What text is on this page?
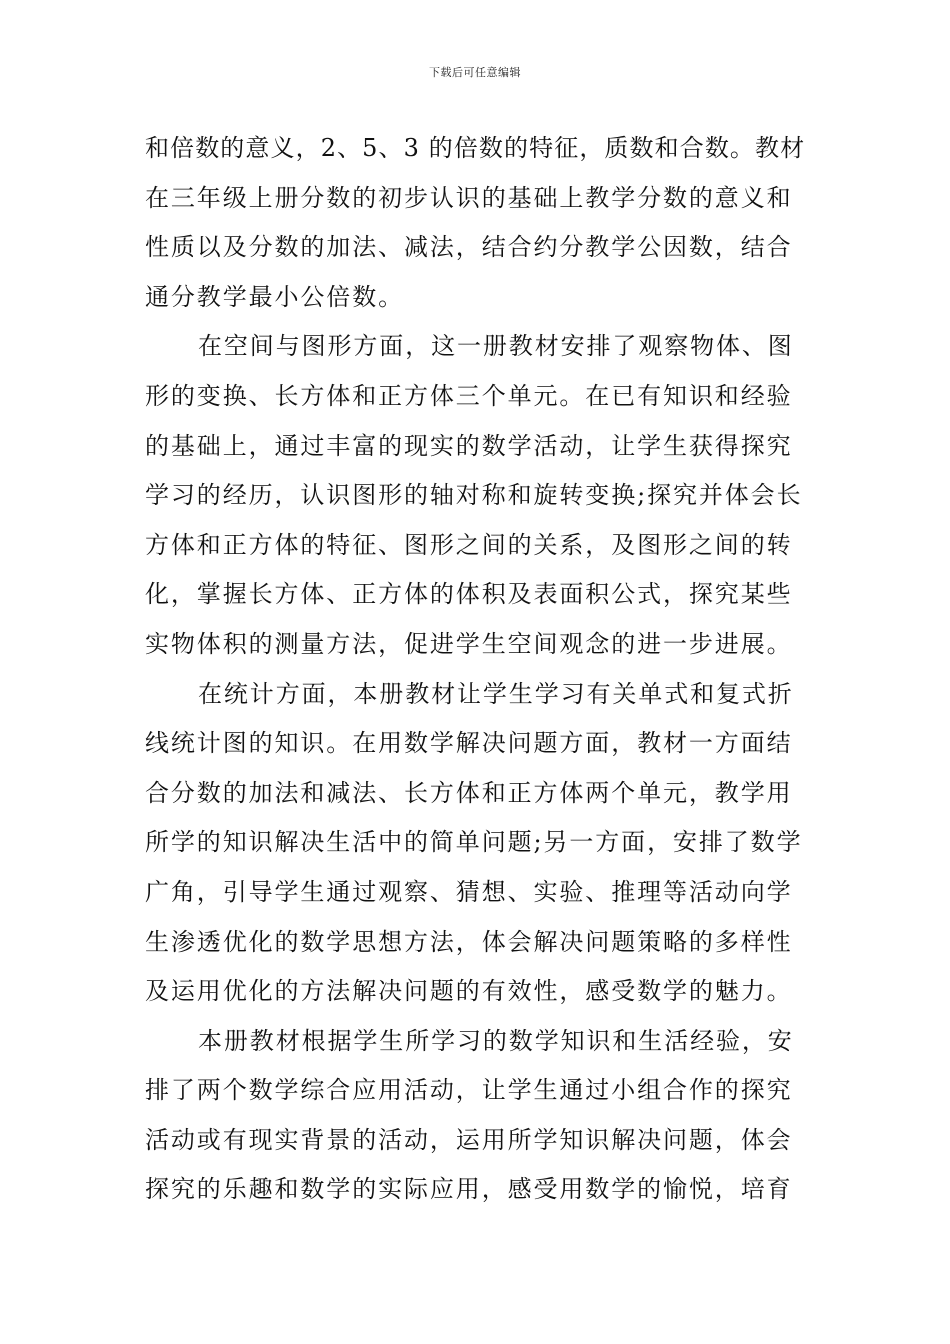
下载后可任意编辑
和倍数的意义，2、5、3 的倍数的特征，质数和合数。教材
在三年级上册分数的初步认识的基础上教学分数的意义和
性质以及分数的加法、减法，结合约分教学公因数，结合
通分教学最小公倍数。
在空间与图形方面，这一册教材安排了观察物体、图
形的变换、长方体和正方体三个单元。在已有知识和经验
的基础上，通过丰富的现实的数学活动，让学生获得探究
学习的经历，认识图形的轴对称和旋转变换;探究并体会长
方体和正方体的特征、图形之间的关系，及图形之间的转
化，掌握长方体、正方体的体积及表面积公式，探究某些
实物体积的测量方法，促进学生空间观念的进一步进展。
在统计方面，本册教材让学生学习有关单式和复式折
线统计图的知识。在用数学解决问题方面，教材一方面结
合分数的加法和减法、长方体和正方体两个单元，教学用
所学的知识解决生活中的简单问题;另一方面，安排了数学
广角，引导学生通过观察、猜想、实验、推理等活动向学
生渗透优化的数学思想方法，体会解决问题策略的多样性
及运用优化的方法解决问题的有效性，感受数学的魅力。
本册教材根据学生所学习的数学知识和生活经验，安
排了两个数学综合应用活动，让学生通过小组合作的探究
活动或有现实背景的活动，运用所学知识解决问题，体会
探究的乐趣和数学的实际应用，感受用数学的愉悦，培育
